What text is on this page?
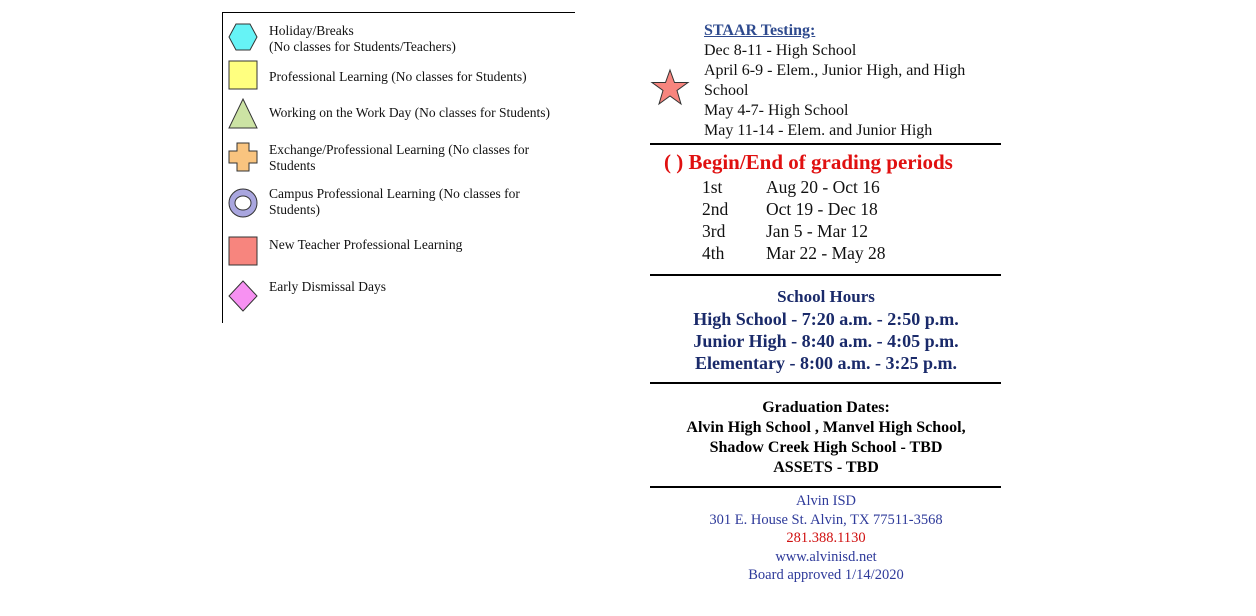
Holiday/Breaks
(No classes for Students/Teachers)
Professional Learning (No classes for Students)
Working on the Work Day (No classes for Students)
Exchange/Professional Learning (No classes for
Students
Campus Professional Learning (No classes for
Students)
New Teacher Professional Learning
Early Dismissal Days
STAAR Testing:
Dec 8-11 - High School
April 6-9 - Elem., Junior High, and High
School
May 4-7- High School
May 11-14 - Elem. and Junior High
( ) Begin/End of grading periods
1st Aug 20 - Oct 16
2nd Oct 19 - Dec 18
3rd Jan 5 - Mar 12
4th Mar 22 - May 28
School Hours
High School - 7:20 a.m. - 2:50 p.m.
Junior High - 8:40 a.m. - 4:05 p.m.
Elementary - 8:00 a.m. - 3:25 p.m.
Graduation Dates:
Alvin High School , Manvel High School,
Shadow Creek High School - TBD
ASSETS - TBD
Alvin ISD
301 E. House St. Alvin, TX 77511-3568
281.388.1130
www.alvinisd.net
Board approved 1/14/2020
